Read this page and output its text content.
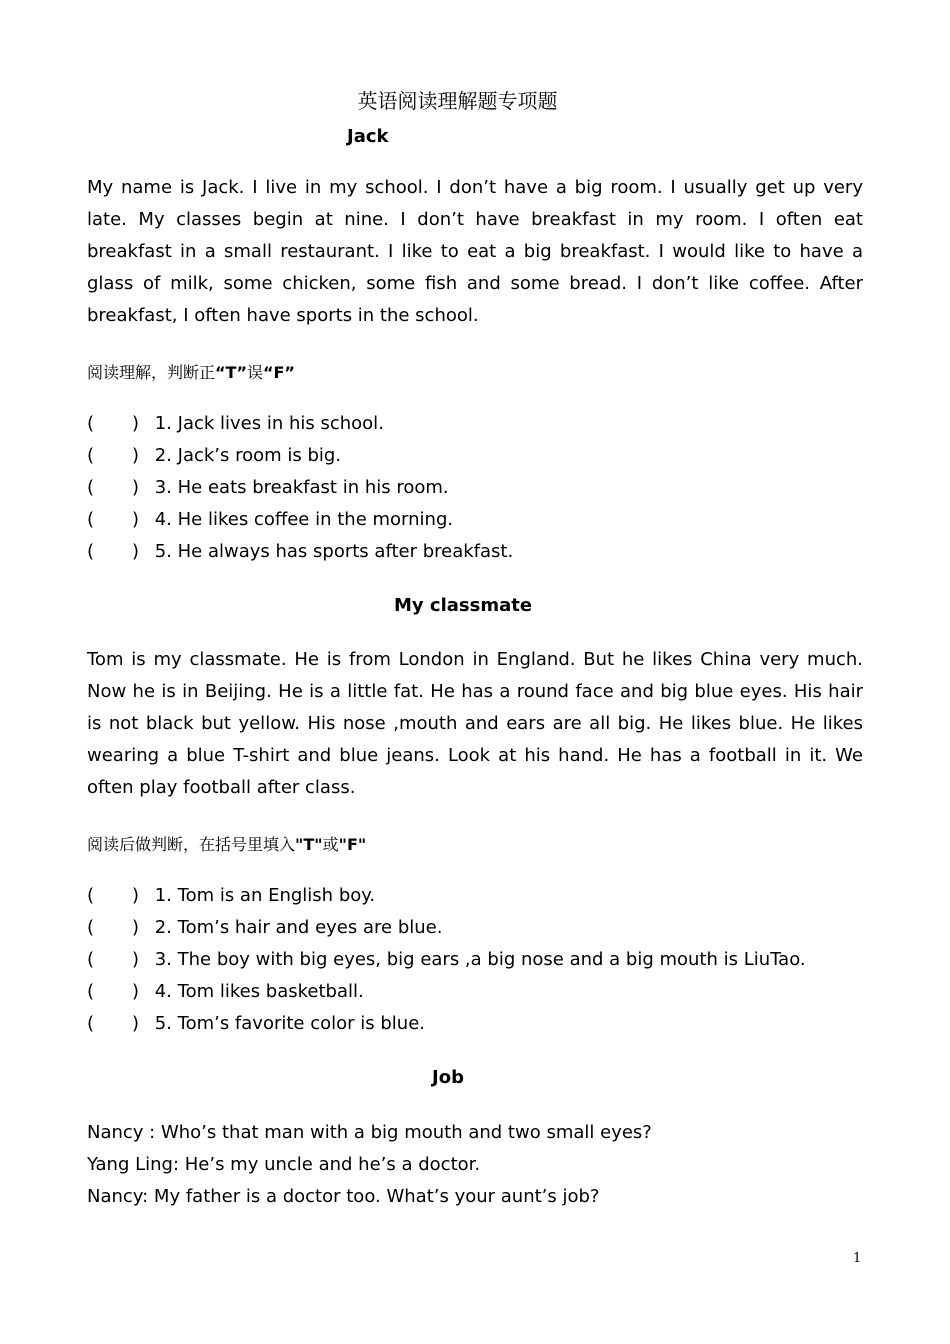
英语阅读理解题专项题
Jack

My name is Jack. I live in my school. I don’t have a big room. I usually get up very late. My classes begin at nine. I don’t have breakfast in my room. I often eat breakfast in a small restaurant. I like to eat a big breakfast. I would like to have a glass of milk, some chicken, some fish and some bread. I don’t like coffee. After breakfast, I often have sports in the school.

阅读理解，判断正“T”误“F”

( ) 1. Jack lives in his school.
( ) 2. Jack’s room is big.
( ) 3. He eats breakfast in his room.
( ) 4. He likes coffee in the morning.
( ) 5. He always has sports after breakfast.
My classmate

Tom is my classmate. He is from London in England. But he likes China very much. Now he is in Beijing. He is a little fat. He has a round face and big blue eyes. His hair is not black but yellow. His nose ,mouth and ears are all big. He likes blue. He likes wearing a blue T-shirt and blue jeans. Look at his hand. He has a football in it. We often play football after class.

阅读后做判断，在括号里填入"T"或"F"

( ) 1. Tom is an English boy.
( ) 2. Tom’s hair and eyes are blue.
( ) 3. The boy with big eyes, big ears ,a big nose and a big mouth is LiuTao.
( ) 4. Tom likes basketball.
( ) 5. Tom’s favorite color is blue.
Job
Nancy : Who’s that man with a big mouth and two small eyes?
Yang Ling: He’s my uncle and he’s a doctor.
Nancy: My father is a doctor too. What’s your aunt’s job?
1
